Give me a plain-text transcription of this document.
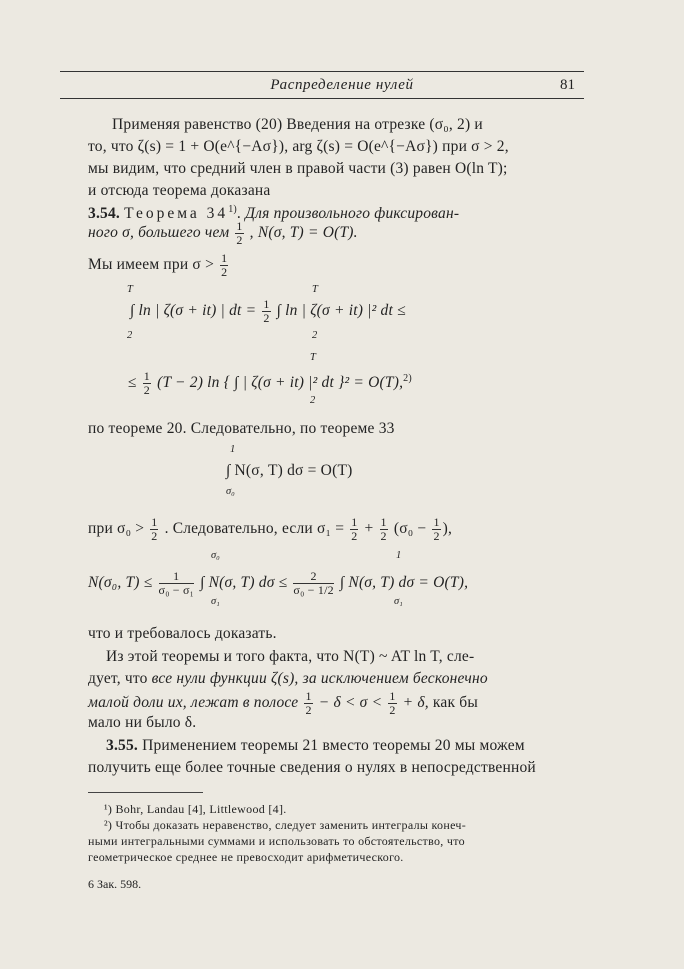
Распределение нулей	81
Применяя равенство (20) Введения на отрезке (σ₀, 2) и
то, что ζ(s) = 1 + O(e^{−Aσ}), arg ζ(s) = O(e^{−Aσ}) при σ > 2,
мы видим, что средний член в правой части (3) равен O(ln T);
и отсюда теорема доказана
3.54. Теорема 34$^{1)}$. Для произвольного фиксирован-
ного σ, большего чем $\frac{1}{2}$ , N(σ, T) = O(T).
Мы имеем при $\sigma > \frac{1}{2}$
∫ ln | ζ(σ + it) | dt = $\frac{1}{2}$ ∫ ln | ζ(σ + it) |² dt ≤
T
2
T
2
≤ $\frac{1}{2} (T - 2)$ ln { ∫ | ζ(σ + it) |² dt }² = O(T),$^{2)}$
T
2
по теореме 20. Следовательно, по теореме 33
∫ N(σ, T) dσ = O(T)
1
σ₀
при $\sigma_0 > \frac{1}{2}$ . Следовательно, если $\sigma_1 = \frac{1}{2} + \frac{1}{2} (\sigma_0 - \frac{1}{2}$ ),
N(σ₀, $T) \le \frac{1}{\text{σ₀ − σ₁}}$ ∫ N(σ, T) $d\sigma \le \frac{2}{\text{σ₀ − 1/2}}$ ∫ N(σ, T) dσ = O(T),
σ₀
σ₁
1
σ₁
что и требовалось доказать.
Из этой теоремы и того факта, что N(T) ~ AT ln T, сле-
дует, что все нули функции ζ(s), за исключением бесконечно
малой доли их, лежат в полосе $\frac{1}{2} - \delta < \sigma < \frac{1}{2} + \delta$, как бы
мало ни было δ.
3.55. Применением теоремы 21 вместо теоремы 20 мы можем
получить еще более точные сведения о нулях в непосредственной
¹) Bohr, Landau [4], Littlewood [4].
²) Чтобы доказать неравенство, следует заменить интегралы конеч-
ными интегральными суммами и использовать то обстоятельство, что
геометрическое среднее не превосходит арифметического.
6 Зак. 598.
